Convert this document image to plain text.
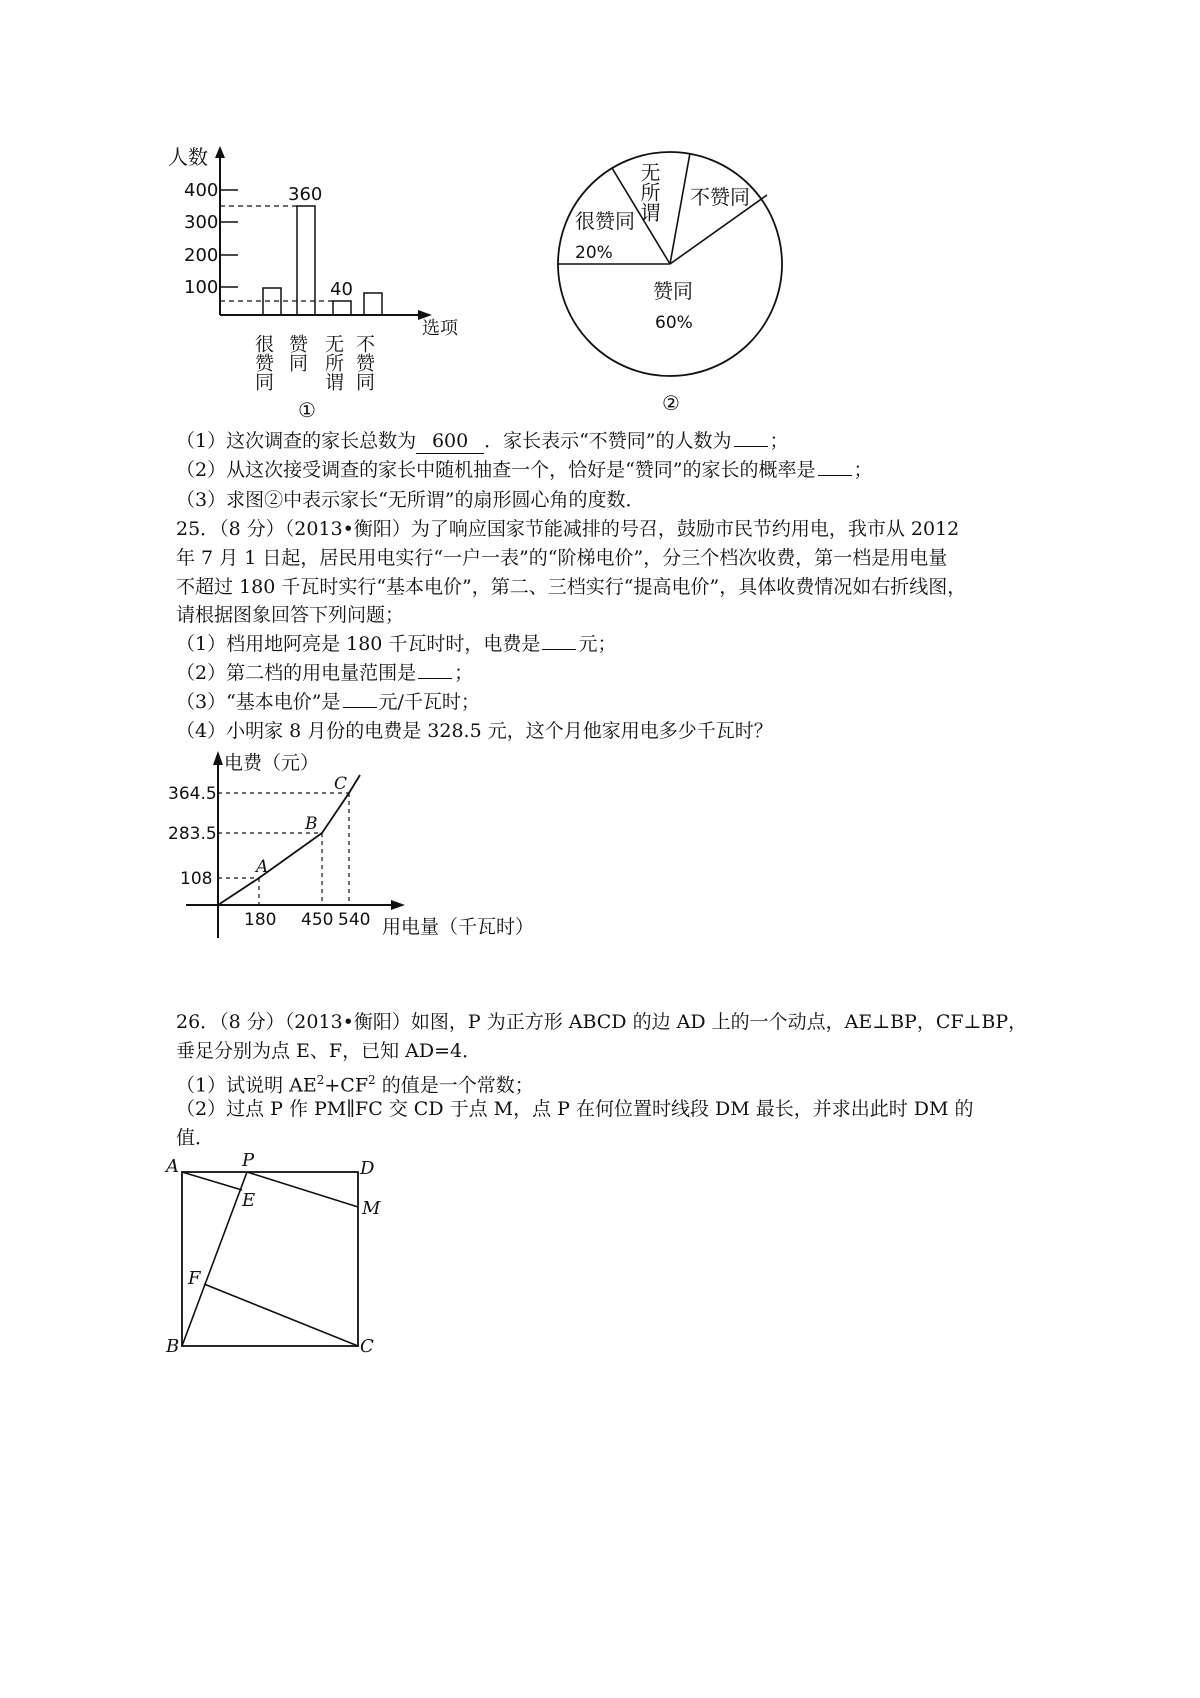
人数
选项
400
300
200
100
360
40
很赞同 赞同 无所谓 不赞同
①
很赞同
20%
赞同
60%
无所谓 不赞同
②
（1）这次调查的家长总数为 600 ．家长表示“不赞同”的人数为 ；
（2）从这次接受调查的家长中随机抽查一个，恰好是“赞同”的家长的概率是 ；
（3）求图②中表示家长“无所谓”的扇形圆心角的度数．
25．（8 分）（2013•衡阳）为了响应国家节能减排的号召，鼓励市民节约用电，我市从 2012
年 7 月 1 日起，居民用电实行“一户一表”的“阶梯电价”，分三个档次收费，第一档是用电量
不超过 180 千瓦时实行“基本电价”，第二、三档实行“提高电价”，具体收费情况如右折线图，
请根据图象回答下列问题；
（1）档用地阿亮是 180 千瓦时时，电费是 元；
（2）第二档的用电量范围是 ；
（3）“基本电价”是 元/千瓦时；
（4）小明家 8 月份的电费是 328.5 元，这个月他家用电多少千瓦时？
电费（元）
用电量（千瓦时）
364.5
283.5
108
180 450 540
A
B
C
26．（8 分）（2013•衡阳）如图，P 为正方形 ABCD 的边 AD 上的一个动点，AE⊥BP，CF⊥BP，
垂足分别为点 E、F，已知 AD=4．
（1）试说明 $AE^2+CF^2$ 的值是一个常数；
（2）过点 P 作 PM∥FC 交 CD 于点 M，点 P 在何位置时线段 DM 最长，并求出此时 DM 的
值．
A	P	D
E	M
F
B	C
